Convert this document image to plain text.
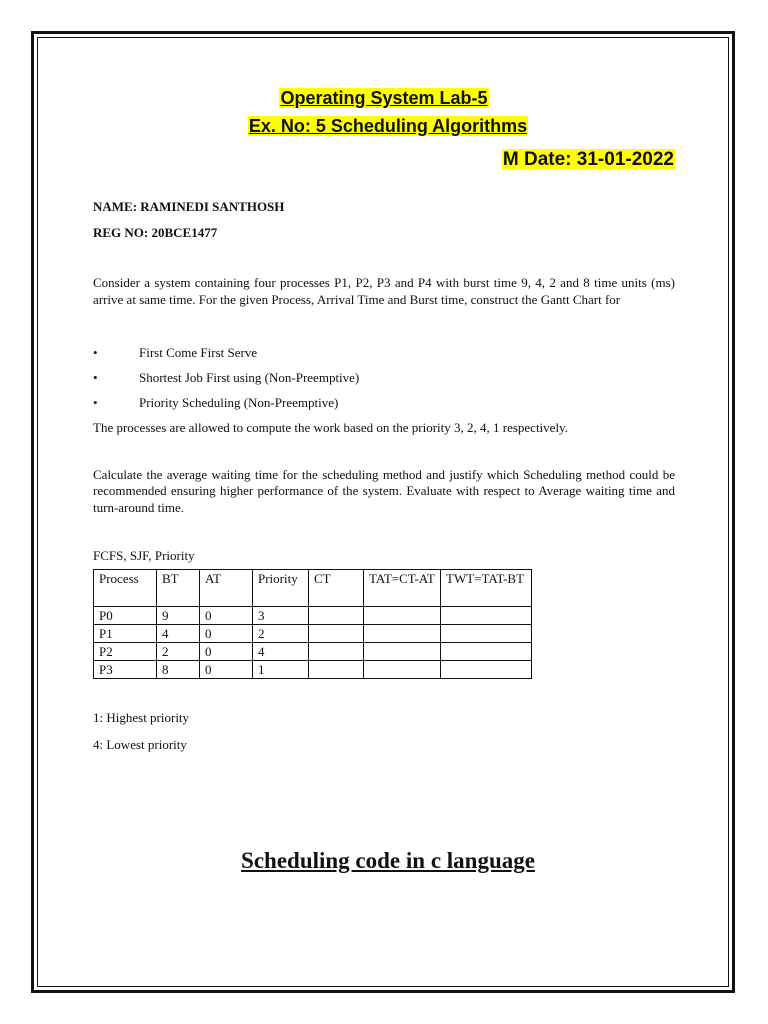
Operating System Lab-5
Ex. No: 5 Scheduling Algorithms
M Date: 31-01-2022
NAME: RAMINEDI SANTHOSH
REG NO: 20BCE1477

Consider a system containing four processes P1, P2, P3 and P4 with burst time 9, 4, 2 and 8 time units (ms) arrive at same time. For the given Process, Arrival Time and Burst time, construct the Gantt Chart for

•	First Come First Serve
•	Shortest Job First using (Non-Preemptive)
•	Priority Scheduling (Non-Preemptive)

The processes are allowed to compute the work based on the priority 3, 2, 4, 1 respectively.

Calculate the average waiting time for the scheduling method and justify which Scheduling method could be recommended ensuring higher performance of the system. Evaluate with respect to Average waiting time and turn-around time.

FCFS, SJF, Priority
Process	BT	AT	Priority	CT	TAT=CT-AT	TWT=TAT-BT
P0	9	0	3			
P1	4	0	2			
P2	2	0	4			
P3	8	0	1			
1: Highest priority
4: Lowest priority
Scheduling code in c language
